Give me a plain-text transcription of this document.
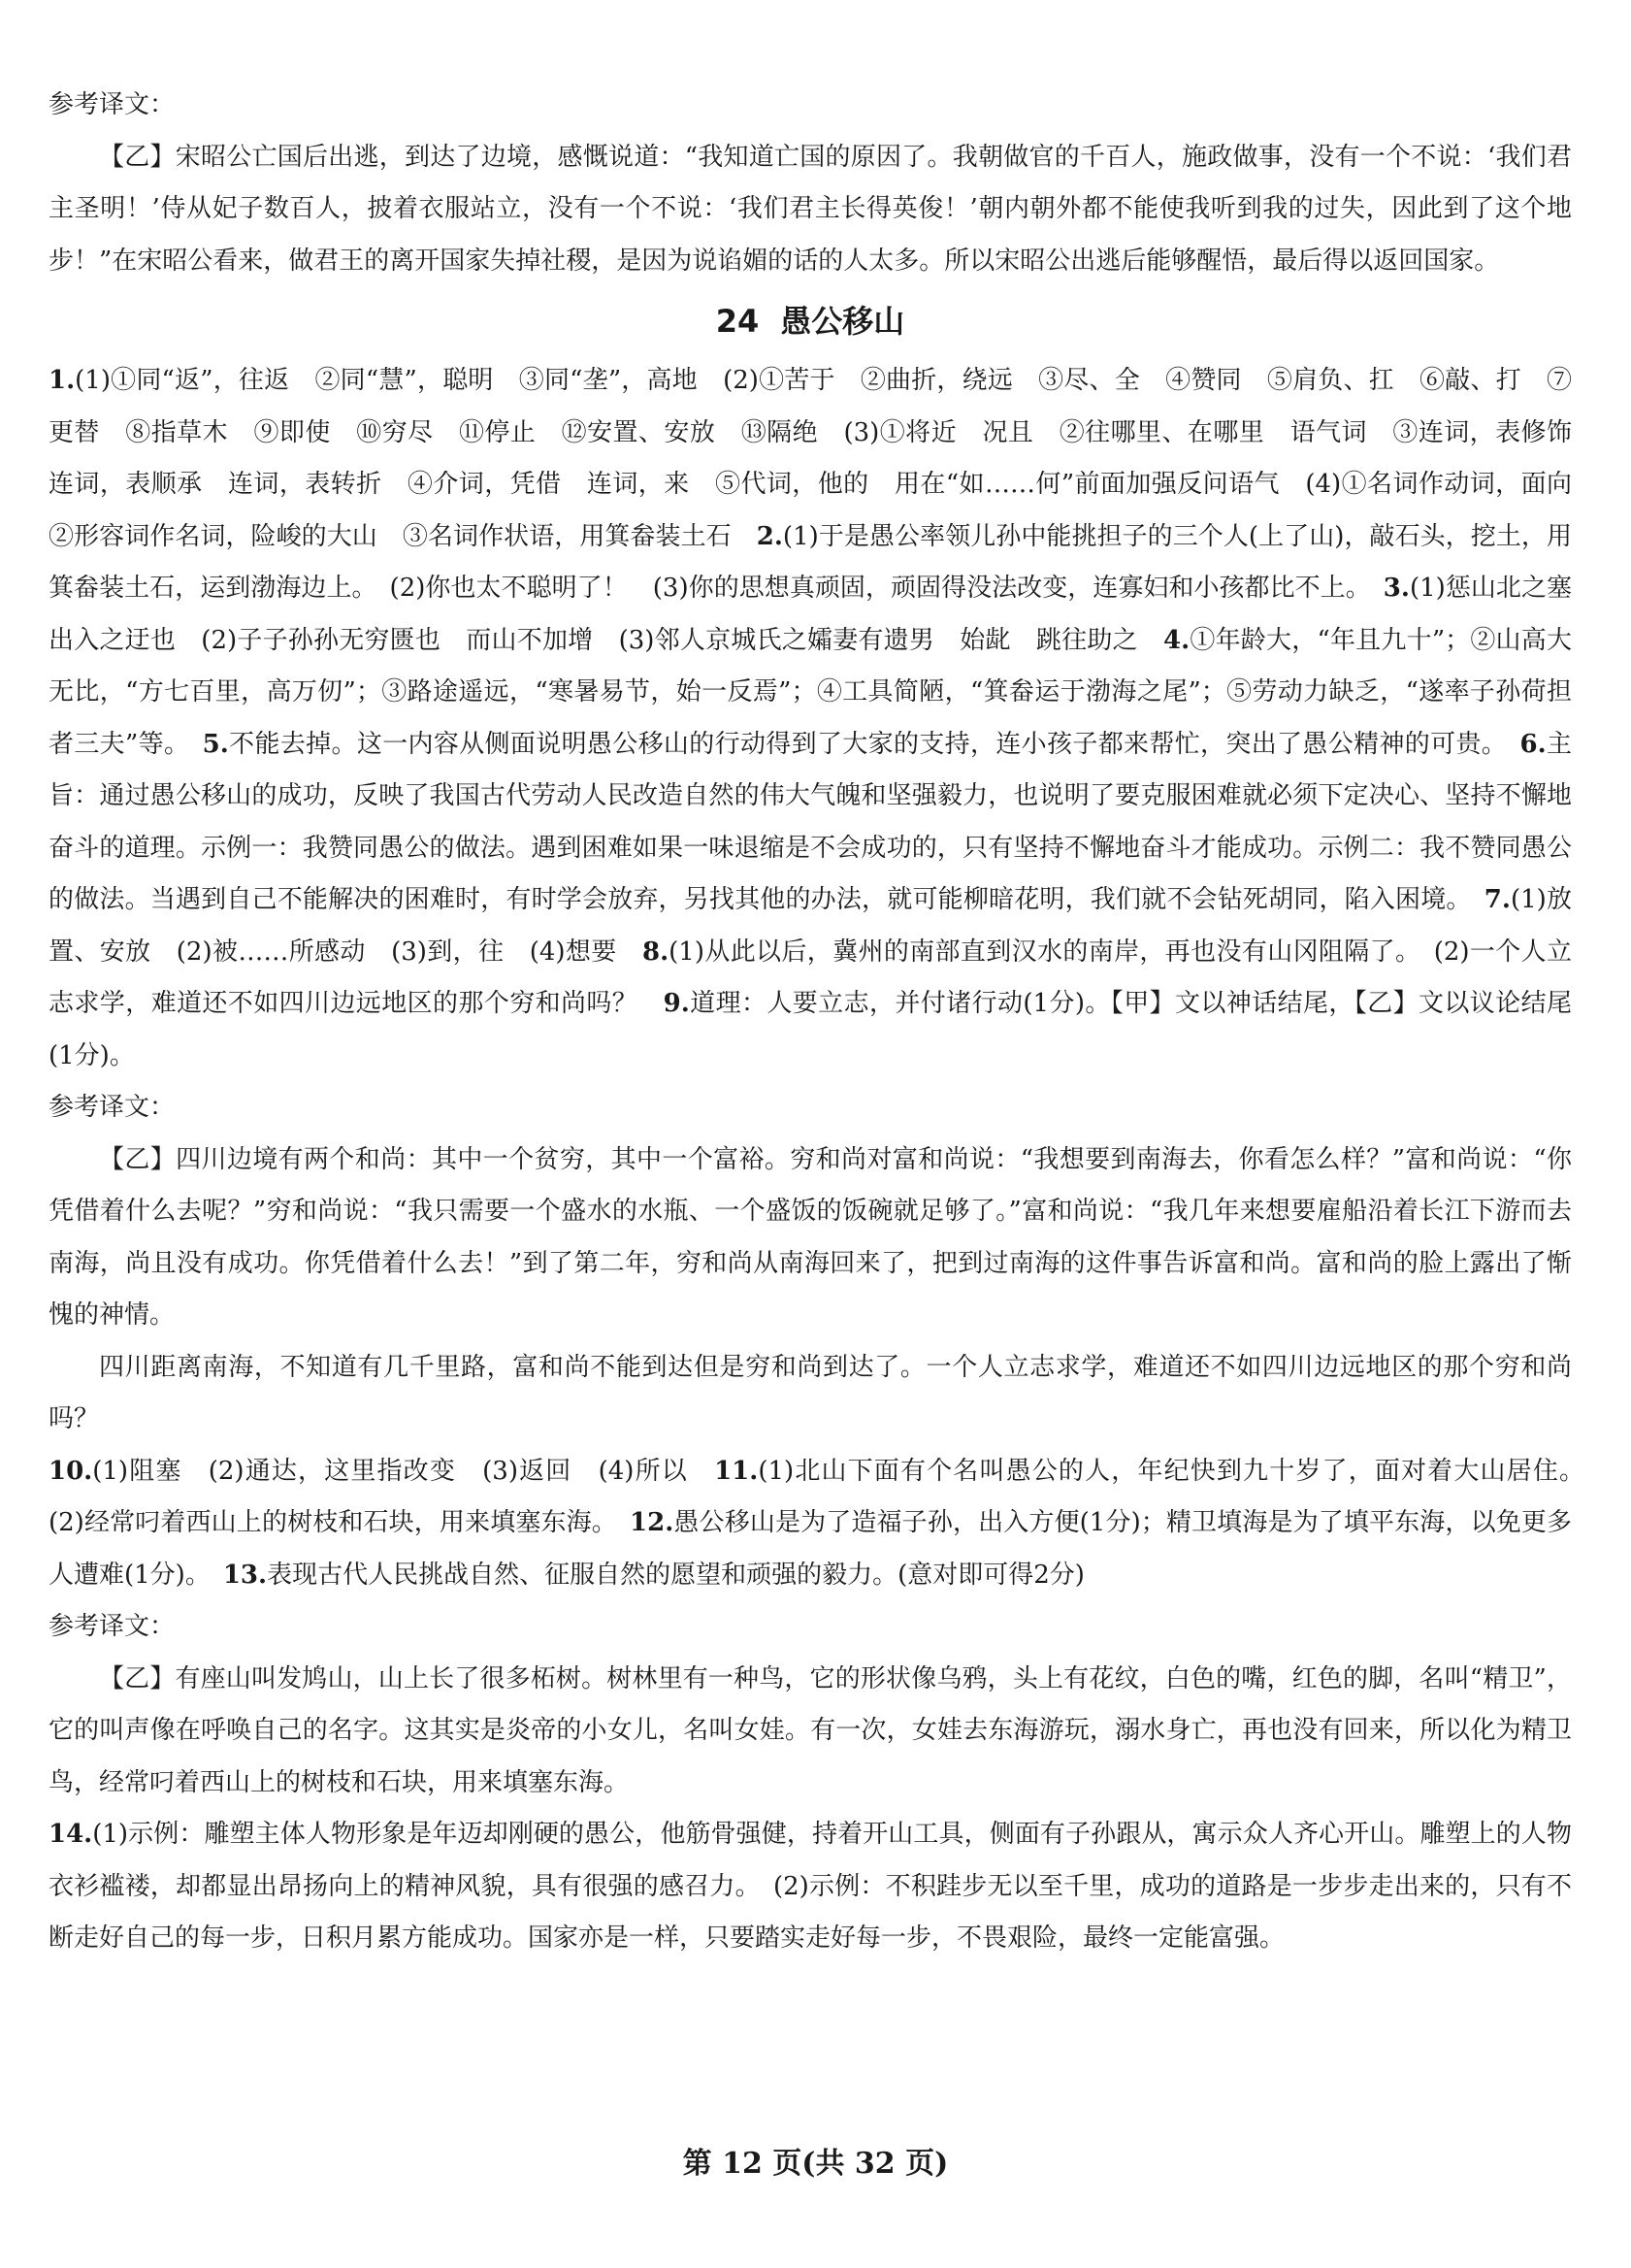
参考译文：

【乙】宋昭公亡国后出逃，到达了边境，感慨说道：“我知道亡国的原因了。我朝做官的千百人，施政做事，没有一个不说：‘我们君主圣明！’侍从妃子数百人，披着衣服站立，没有一个不说：‘我们君主长得英俊！’朝内朝外都不能使我听到我的过失，因此到了这个地步！”在宋昭公看来，做君王的离开国家失掉社稷，是因为说谄媚的话的人太多。所以宋昭公出逃后能够醒悟，最后得以返回国家。

24 愚公移山

1.(1)①同“返”，往返　②同“慧”，聪明　③同“垄”，高地　(2)①苦于　②曲折，绕远　③尽、全　④赞同　⑤肩负、扛　⑥敲、打　⑦更替　⑧指草木　⑨即使　⑩穷尽　⑪停止　⑫安置、安放　⑬隔绝　(3)①将近　况且　②往哪里、在哪里　语气词　③连词，表修饰　连词，表顺承　连词，表转折　④介词，凭借　连词，来　⑤代词，他的　用在“如……何”前面加强反问语气　(4)①名词作动词，面向　②形容词作名词，险峻的大山　③名词作状语，用箕畚装土石　2.(1)于是愚公率领儿孙中能挑担子的三个人(上了山)，敲石头，挖土，用箕畚装土石，运到渤海边上。　(2)你也太不聪明了！　(3)你的思想真顽固，顽固得没法改变，连寡妇和小孩都比不上。　3.(1)惩山北之塞　出入之迂也　(2)子子孙孙无穷匮也　而山不加增　(3)邻人京城氏之孀妻有遗男　始龀　跳往助之　4.①年龄大，“年且九十”；②山高大无比，“方七百里，高万仞”；③路途遥远，“寒暑易节，始一反焉”；④工具简陋，“箕畚运于渤海之尾”；⑤劳动力缺乏，“遂率子孙荷担者三夫”等。　5.不能去掉。这一内容从侧面说明愚公移山的行动得到了大家的支持，连小孩子都来帮忙，突出了愚公精神的可贵。　6.主旨：通过愚公移山的成功，反映了我国古代劳动人民改造自然的伟大气魄和坚强毅力，也说明了要克服困难就必须下定决心、坚持不懈地奋斗的道理。示例一：我赞同愚公的做法。遇到困难如果一味退缩是不会成功的，只有坚持不懈地奋斗才能成功。示例二：我不赞同愚公的做法。当遇到自己不能解决的困难时，有时学会放弃，另找其他的办法，就可能柳暗花明，我们就不会钻死胡同，陷入困境。　7.(1)放置、安放　(2)被……所感动　(3)到，往　(4)想要　8.(1)从此以后，冀州的南部直到汉水的南岸，再也没有山冈阻隔了。　(2)一个人立志求学，难道还不如四川边远地区的那个穷和尚吗？　9.道理：人要立志，并付诸行动(1分)。【甲】文以神话结尾，【乙】文以议论结尾(1分)。

参考译文：

【乙】四川边境有两个和尚：其中一个贫穷，其中一个富裕。穷和尚对富和尚说：“我想要到南海去，你看怎么样？”富和尚说：“你凭借着什么去呢？”穷和尚说：“我只需要一个盛水的水瓶、一个盛饭的饭碗就足够了。”富和尚说：“我几年来想要雇船沿着长江下游而去南海，尚且没有成功。你凭借着什么去！”到了第二年，穷和尚从南海回来了，把到过南海的这件事告诉富和尚。富和尚的脸上露出了惭愧的神情。

四川距离南海，不知道有几千里路，富和尚不能到达但是穷和尚到达了。一个人立志求学，难道还不如四川边远地区的那个穷和尚吗？

10.(1)阻塞　(2)通达，这里指改变　(3)返回　(4)所以　11.(1)北山下面有个名叫愚公的人，年纪快到九十岁了，面对着大山居住。　(2)经常叼着西山上的树枝和石块，用来填塞东海。　12.愚公移山是为了造福子孙，出入方便(1分)；精卫填海是为了填平东海，以免更多人遭难(1分)。　13.表现古代人民挑战自然、征服自然的愿望和顽强的毅力。(意对即可得2分)

参考译文：

【乙】有座山叫发鸠山，山上长了很多柘树。树林里有一种鸟，它的形状像乌鸦，头上有花纹，白色的嘴，红色的脚，名叫“精卫”，它的叫声像在呼唤自己的名字。这其实是炎帝的小女儿，名叫女娃。有一次，女娃去东海游玩，溺水身亡，再也没有回来，所以化为精卫鸟，经常叼着西山上的树枝和石块，用来填塞东海。

14.(1)示例：雕塑主体人物形象是年迈却刚硬的愚公，他筋骨强健，持着开山工具，侧面有子孙跟从，寓示众人齐心开山。雕塑上的人物衣衫褴褛，却都显出昂扬向上的精神风貌，具有很强的感召力。　(2)示例：不积跬步无以至千里，成功的道路是一步步走出来的，只有不断走好自己的每一步，日积月累方能成功。国家亦是一样，只要踏实走好每一步，不畏艰险，最终一定能富强。

第 12 页(共 32 页)
